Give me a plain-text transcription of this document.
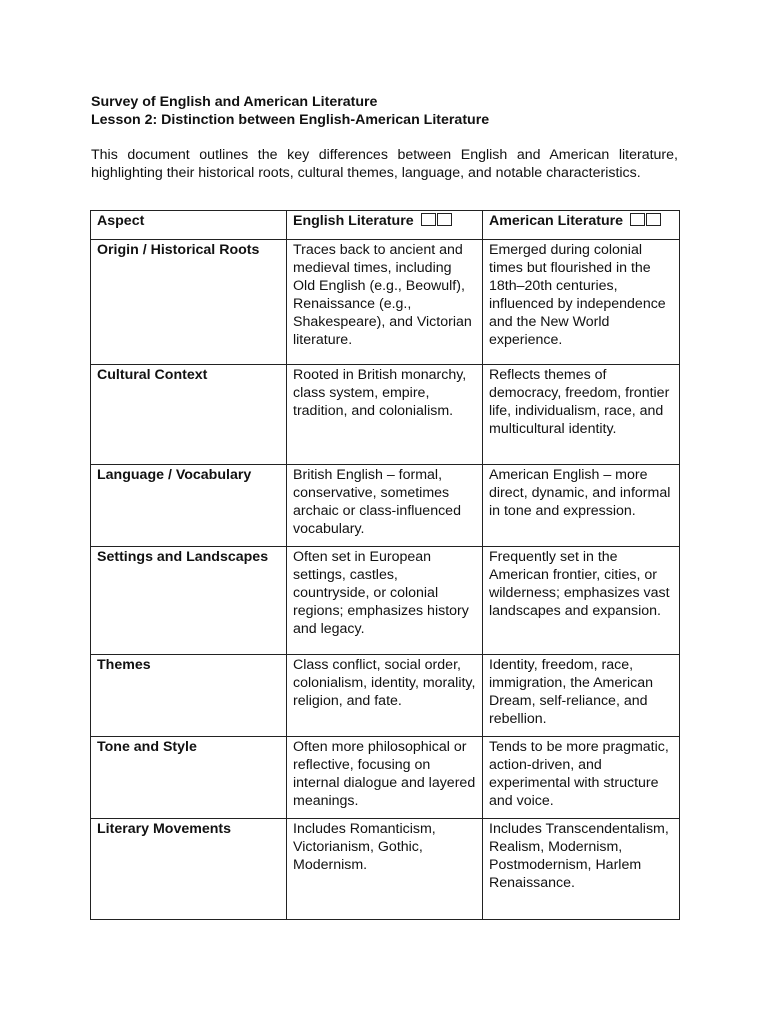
Survey of English and American Literature
Lesson 2: Distinction between English-American Literature
This document outlines the key differences between English and American literature, highlighting their historical roots, cultural themes, language, and notable characteristics.
Aspect	English Literature	American Literature
Origin / Historical Roots	Traces back to ancient and medieval times, including Old English (e.g., Beowulf), Renaissance (e.g., Shakespeare), and Victorian literature.	Emerged during colonial times but flourished in the 18th–20th centuries, influenced by independence and the New World experience.
Cultural Context	Rooted in British monarchy, class system, empire, tradition, and colonialism.	Reflects themes of democracy, freedom, frontier life, individualism, race, and multicultural identity.
Language / Vocabulary	British English – formal, conservative, sometimes archaic or class-influenced vocabulary.	American English – more direct, dynamic, and informal in tone and expression.
Settings and Landscapes	Often set in European settings, castles, countryside, or colonial regions; emphasizes history and legacy.	Frequently set in the American frontier, cities, or wilderness; emphasizes vast landscapes and expansion.
Themes	Class conflict, social order, colonialism, identity, morality, religion, and fate.	Identity, freedom, race, immigration, the American Dream, self-reliance, and rebellion.
Tone and Style	Often more philosophical or reflective, focusing on internal dialogue and layered meanings.	Tends to be more pragmatic, action-driven, and experimental with structure and voice.
Literary Movements	Includes Romanticism, Victorianism, Gothic, Modernism.	Includes Transcendentalism, Realism, Modernism, Postmodernism, Harlem Renaissance.
